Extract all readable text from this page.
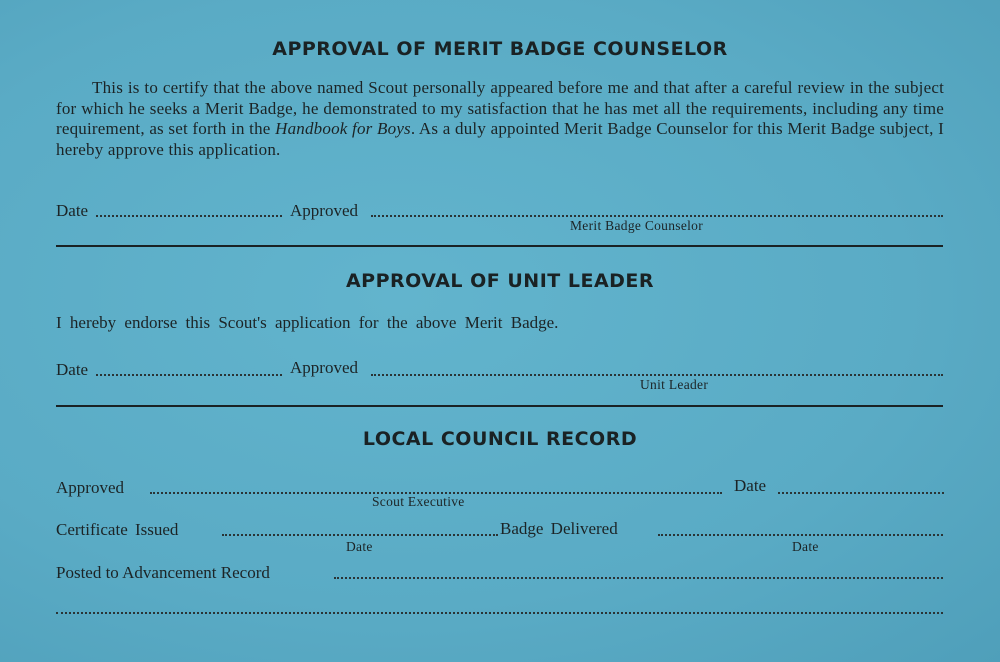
APPROVAL OF MERIT BADGE COUNSELOR
This is to certify that the above named Scout personally appeared before me and that after a careful review in the subject for which he seeks a Merit Badge, he demonstrated to my satisfaction that he has met all the requirements, including any time requirement, as set forth in the Handbook for Boys. As a duly appointed Merit Badge Counselor for this Merit Badge subject, I hereby approve this application.
Date	Approved
Merit Badge Counselor
APPROVAL OF UNIT LEADER
I hereby endorse this Scout's application for the above Merit Badge.
Date	Approved
Unit Leader
LOCAL COUNCIL RECORD
Approved
Scout Executive
Date
Certificate Issued
Date
Badge Delivered
Date
Posted to Advancement Record
